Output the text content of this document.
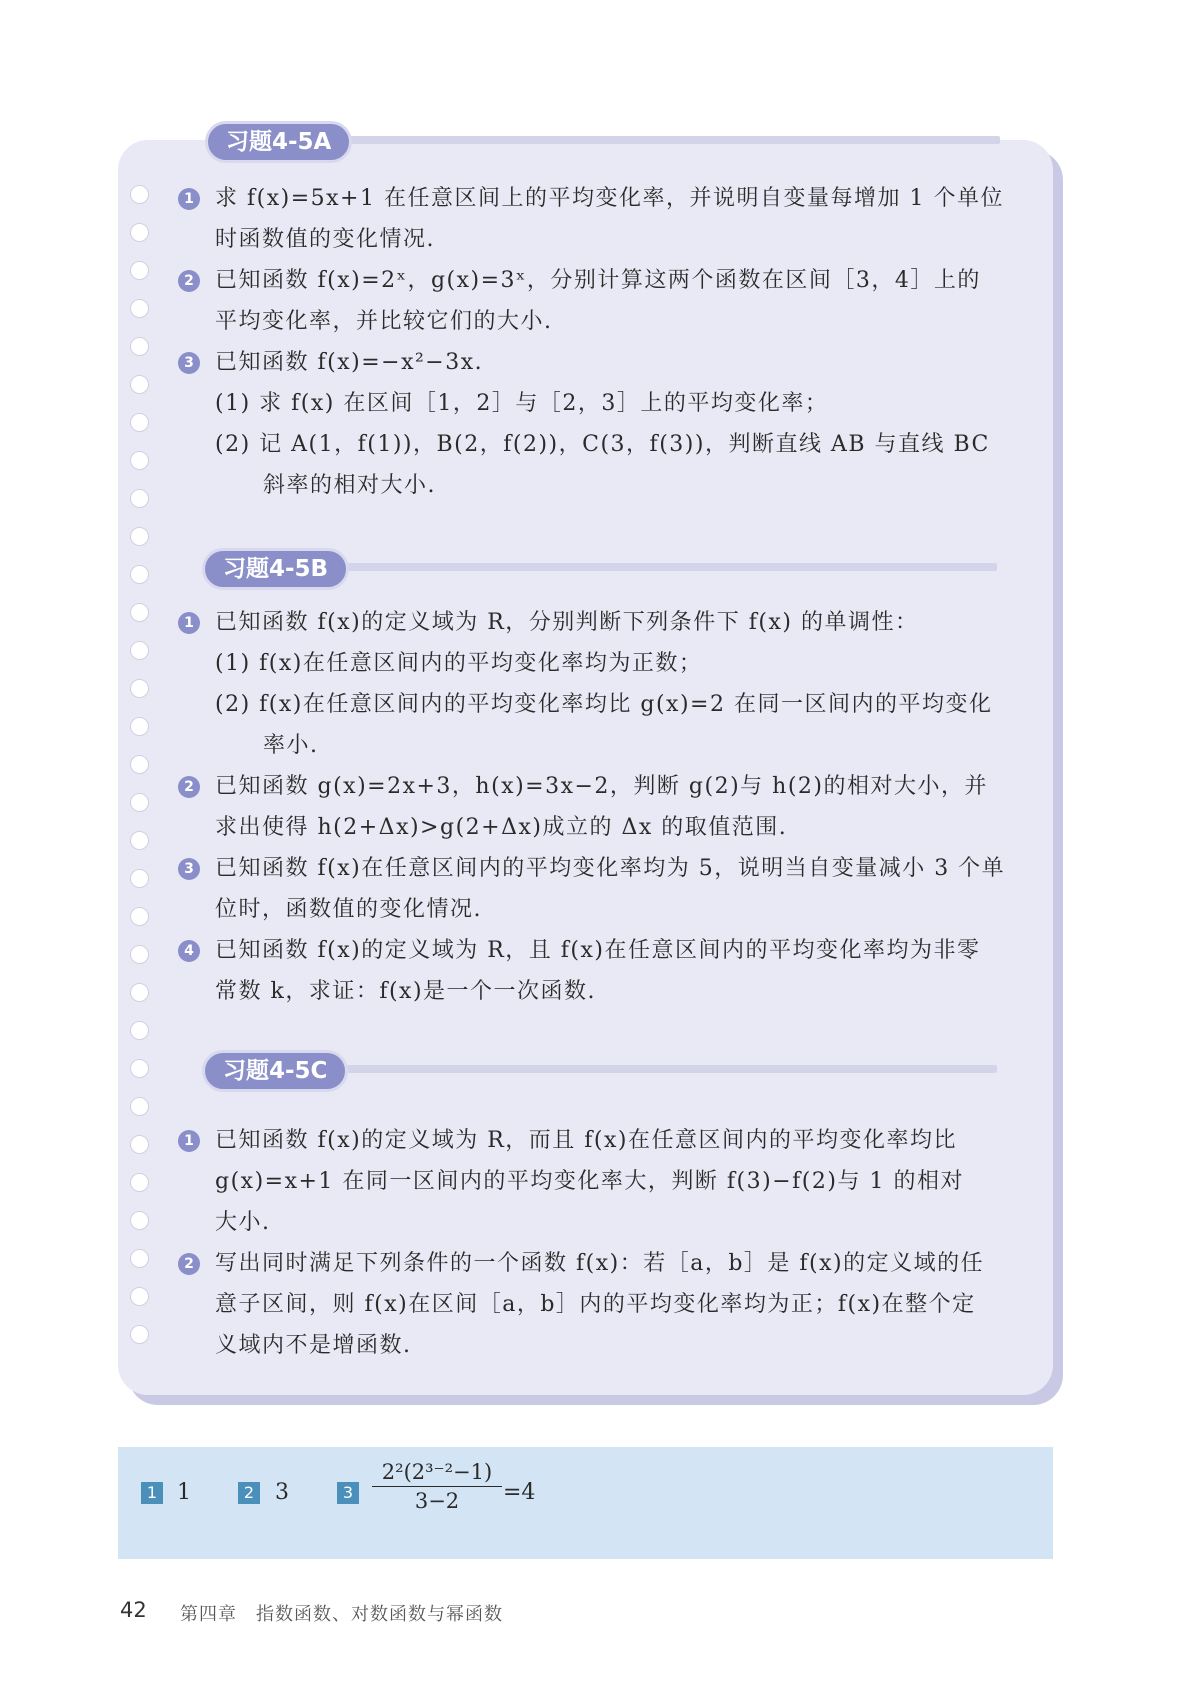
习题4-5A
1 求 f(x)=5x+1 在任意区间上的平均变化率，并说明自变量每增加 1 个单位
时函数值的变化情况.
2 已知函数 f(x)=2ˣ，g(x)=3ˣ，分别计算这两个函数在区间［3，4］上的
平均变化率，并比较它们的大小.
3 已知函数 f(x)=−x²−3x.
(1) 求 f(x) 在区间［1，2］与［2，3］上的平均变化率；
(2) 记 A(1，f(1))，B(2，f(2))，C(3，f(3))，判断直线 AB 与直线 BC
斜率的相对大小.
习题4-5B
1 已知函数 f(x)的定义域为 R，分别判断下列条件下 f(x) 的单调性：
(1) f(x)在任意区间内的平均变化率均为正数；
(2) f(x)在任意区间内的平均变化率均比 g(x)=2 在同一区间内的平均变化
率小.
2 已知函数 g(x)=2x+3，h(x)=3x−2，判断 g(2)与 h(2)的相对大小，并
求出使得 h(2+Δx)>g(2+Δx)成立的 Δx 的取值范围.
3 已知函数 f(x)在任意区间内的平均变化率均为 5，说明当自变量减小 3 个单
位时，函数值的变化情况.
4 已知函数 f(x)的定义域为 R，且 f(x)在任意区间内的平均变化率均为非零
常数 k，求证：f(x)是一个一次函数.
习题4-5C
1 已知函数 f(x)的定义域为 R，而且 f(x)在任意区间内的平均变化率均比
g(x)=x+1 在同一区间内的平均变化率大，判断 f(3)−f(2)与 1 的相对
大小.
2 写出同时满足下列条件的一个函数 f(x)：若［a，b］是 f(x)的定义域的任
意子区间，则 f(x)在区间［a，b］内的平均变化率均为正；f(x)在整个定
义域内不是增函数.
1 1	2 3	3
2²(2³⁻²−1)
3−2	=4
42 第四章　指数函数、对数函数与幂函数
